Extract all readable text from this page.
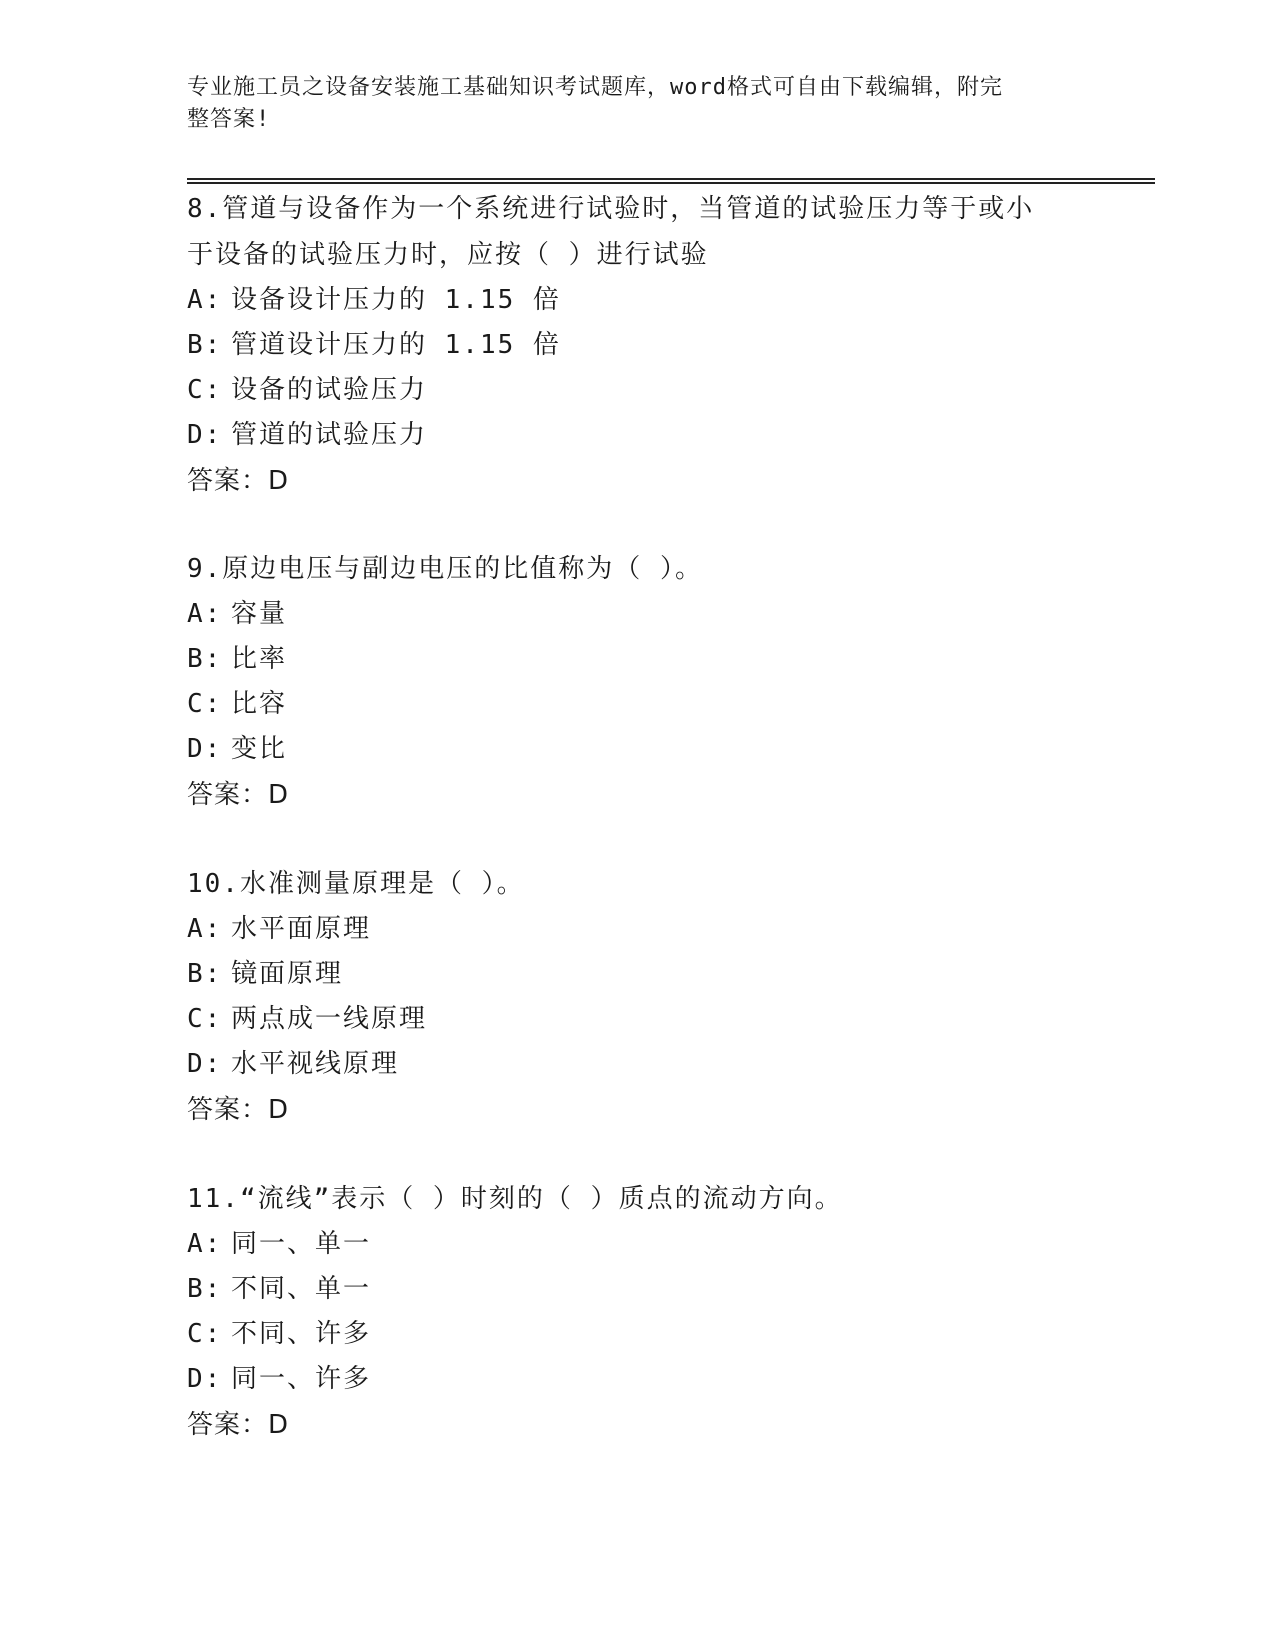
专业施工员之设备安装施工基础知识考试题库，word格式可自由下载编辑，附完
整答案!
8.管道与设备作为一个系统进行试验时，当管道的试验压力等于或小
于设备的试验压力时，应按（ ）进行试验
A: 设备设计压力的 1.15 倍
B: 管道设计压力的 1.15 倍
C: 设备的试验压力
D: 管道的试验压力
答案：D
9.原边电压与副边电压的比值称为（ ）。
A: 容量
B: 比率
C: 比容
D: 变比
答案：D
10.水准测量原理是（ ）。
A: 水平面原理
B: 镜面原理
C: 两点成一线原理
D: 水平视线原理
答案：D
11.“流线”表示（ ）时刻的（ ）质点的流动方向。
A: 同一、单一
B: 不同、单一
C: 不同、许多
D: 同一、许多
答案：D
